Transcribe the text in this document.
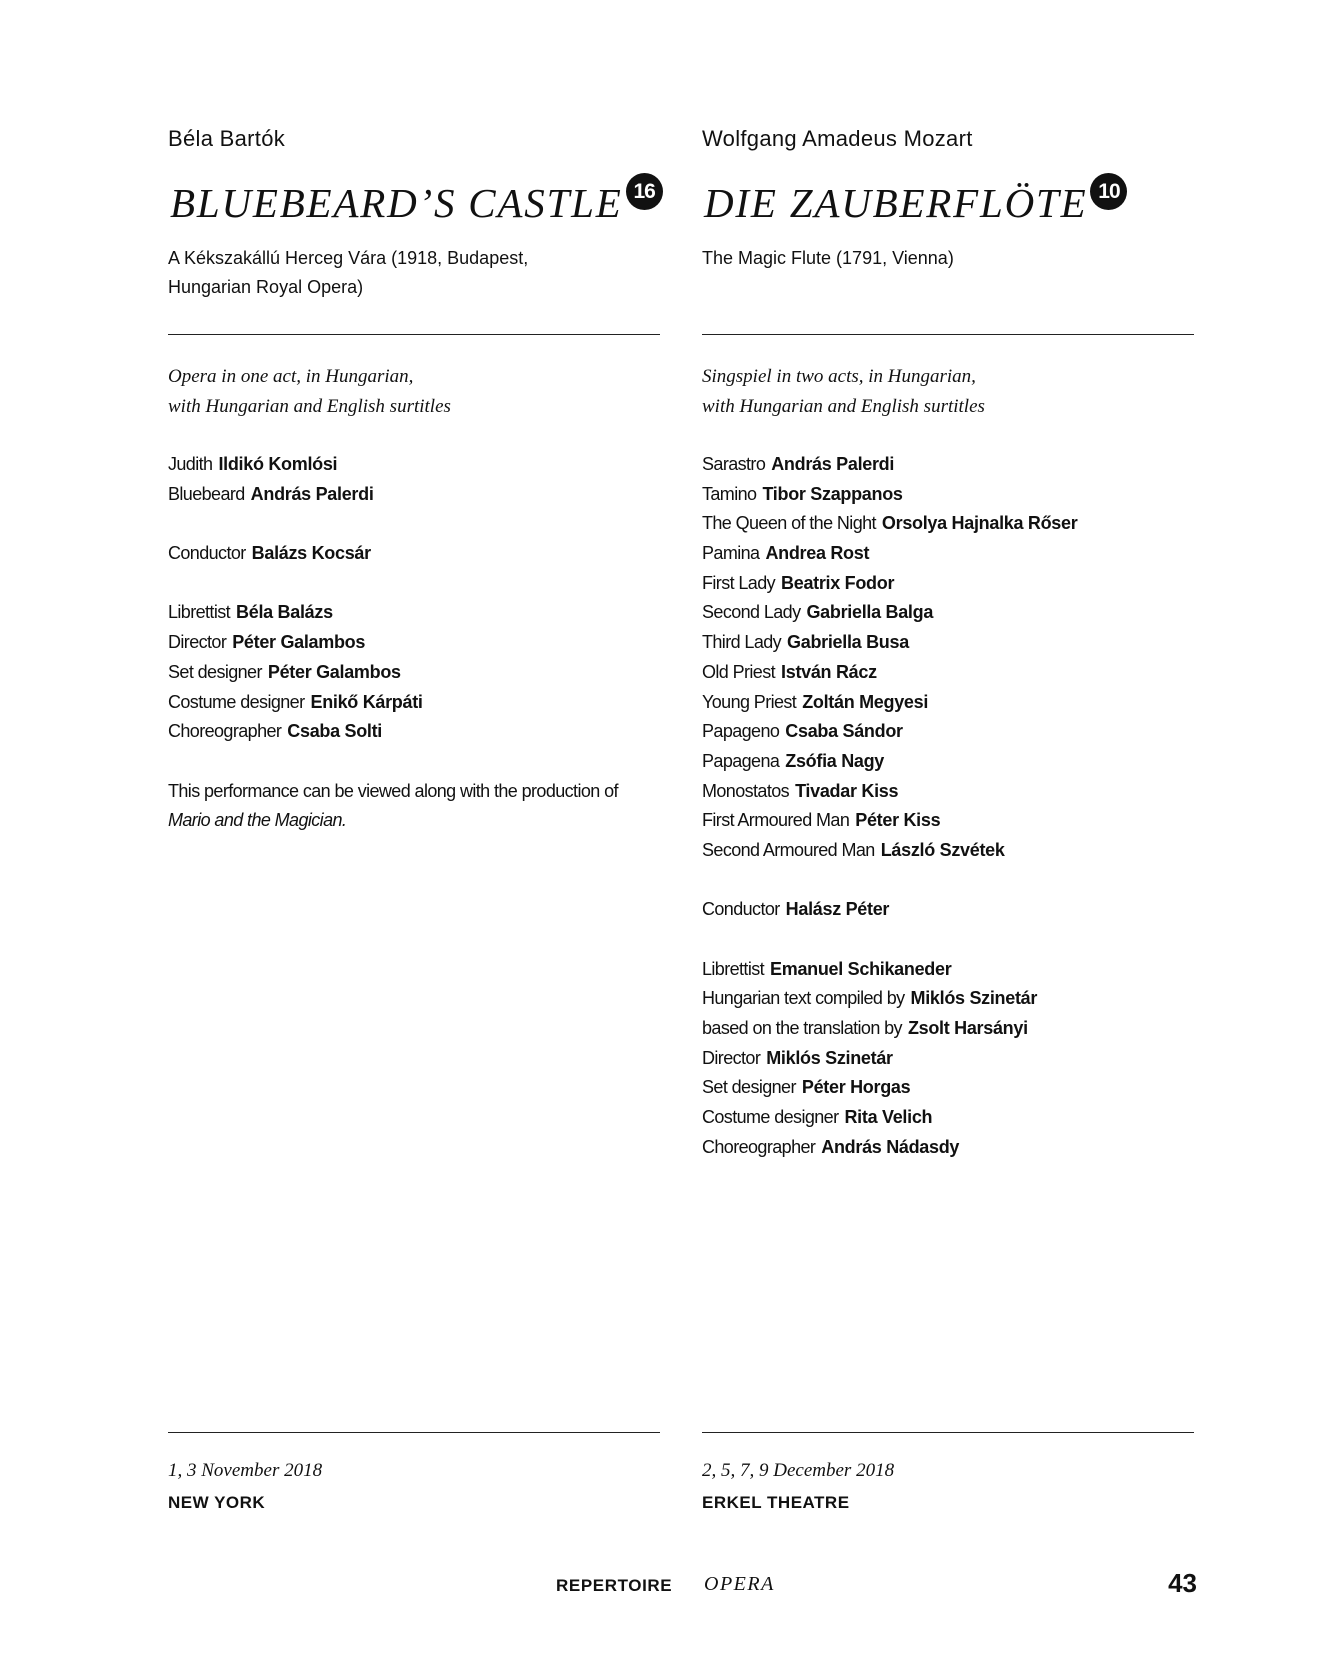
Béla Bartók
BLUEBEARD’S CASTLE 16
A Kékszakállú Herceg Vára (1918, Budapest,
Hungarian Royal Opera)
Opera in one act, in Hungarian,
with Hungarian and English surtitles
Judith Ildikó Komlósi
Bluebeard András Palerdi
Conductor Balázs Kocsár
Librettist Béla Balázs
Director Péter Galambos
Set designer Péter Galambos
Costume designer Enikő Kárpáti
Choreographer Csaba Solti
This performance can be viewed along with the production of
Mario and the Magician.
1, 3 November 2018
NEW YORK
Wolfgang Amadeus Mozart
DIE ZAUBERFLÖTE 10
The Magic Flute (1791, Vienna)
Singspiel in two acts, in Hungarian,
with Hungarian and English surtitles
Sarastro András Palerdi
Tamino Tibor Szappanos
The Queen of the Night Orsolya Hajnalka Rőser
Pamina Andrea Rost
First Lady Beatrix Fodor
Second Lady Gabriella Balga
Third Lady Gabriella Busa
Old Priest István Rácz
Young Priest Zoltán Megyesi
Papageno Csaba Sándor
Papagena Zsófia Nagy
Monostatos Tivadar Kiss
First Armoured Man Péter Kiss
Second Armoured Man László Szvétek
Conductor Halász Péter
Librettist Emanuel Schikaneder
Hungarian text compiled by Miklós Szinetár
based on the translation by Zsolt Harsányi
Director Miklós Szinetár
Set designer Péter Horgas
Costume designer Rita Velich
Choreographer András Nádasdy
2, 5, 7, 9 December 2018
ERKEL THEATRE
REPERTOIRE OPERA	43
